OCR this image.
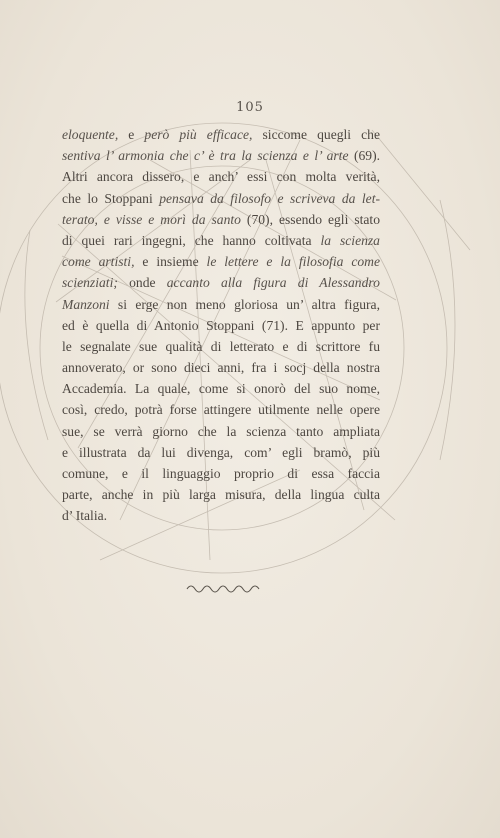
105
eloquente, e però più efficace, siccome quegli che
sentiva l’ armonia che c’ è tra la scienza e l’ arte (69).
Altri ancora dissero, e anch’ essi con molta verità,
che lo Stoppani pensava da filosofo e scriveva da let-
terato, e visse e morì da santo (70), essendo egli stato
di quei rari ingegni, che hanno coltivata la scienza
come artisti, e insieme le lettere e la filosofia come
scienziati; onde accanto alla figura di Alessandro
Manzoni si erge non meno gloriosa un’ altra figura,
ed è quella di Antonio Stoppani (71). E appunto per
le segnalate sue qualità di letterato e di scrittore fu
annoverato, or sono dieci anni, fra i socj della nostra
Accademia. La quale, come si onorò del suo nome,
così, credo, potrà forse attingere utilmente nelle opere
sue, se verrà giorno che la scienza tanto ampliata
e illustrata da lui divenga, com’ egli bramò, più
comune, e il linguaggio proprio di essa faccia
parte, anche in più larga misura, della lingua culta
d’ Italia.
